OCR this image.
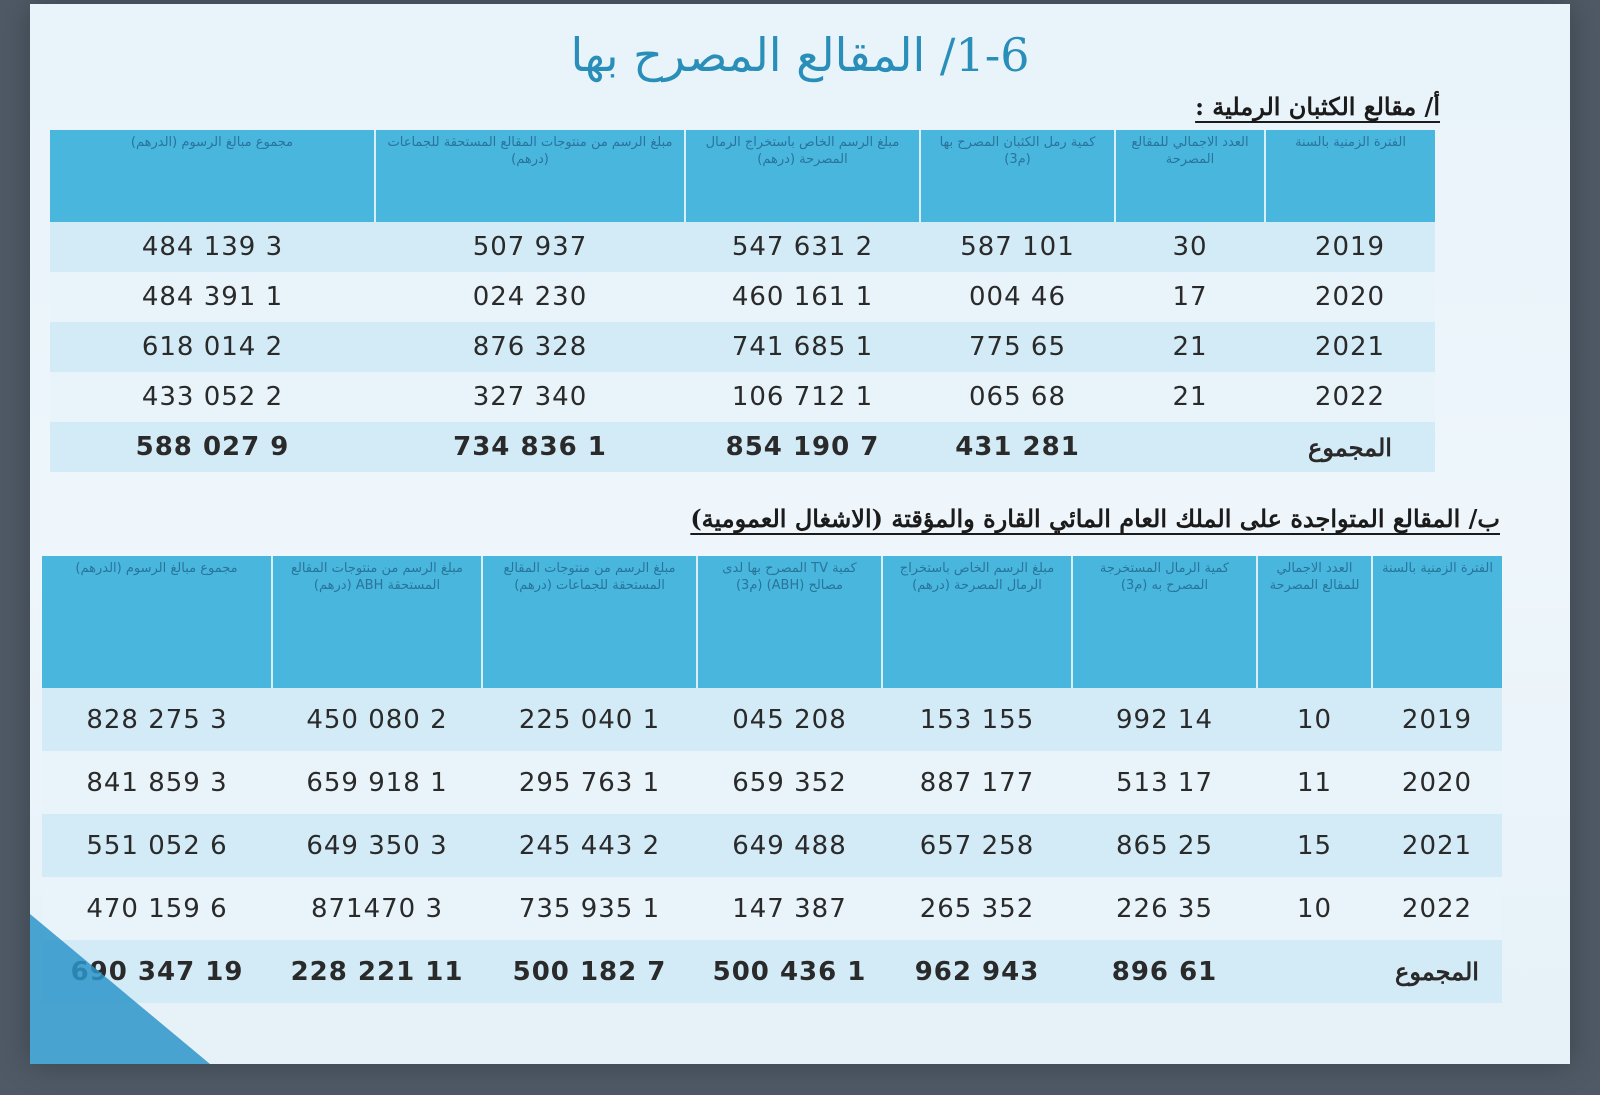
1-6/ المقالع المصرح بها
أ/ مقالع الكثبان الرملية :
الفترة الزمنية بالسنة	العدد الاجمالي للمقالع المصرحة	كمية رمل الكثبان المصرح بها (م3)	مبلغ الرسم الخاص باستخراج الرمال المصرحة (درهم)	مبلغ الرسم من منتوجات المقالع المستحقة للجماعات (درهم)	مجموع مبالغ الرسوم (الدرهم)
2019	30	101 587	2 631 547	937 507	3 139 484
2020	17	46 004	1 161 460	230 024	1 391 484
2021	21	65 775	1 685 741	328 876	2 014 618
2022	21	68 065	1 712 106	340 327	2 052 433
المجموع		281 431	7 190 854	1 836 734	9 027 588
ب/ المقالع المتواجدة على الملك العام المائي القارة والمؤقتة (الاشغال العمومية)
الفترة الزمنية بالسنة	العدد الاجمالي للمقالع المصرحة	كمية الرمال المستخرجة المصرح به (م3)	مبلغ الرسم الخاص باستخراج الرمال المصرحة (درهم)	كمية TV المصرح بها لدى مصالح (ABH) (م3)	مبلغ الرسم من منتوجات المقالع المستحقة للجماعات (درهم)	مبلغ الرسم من منتوجات المقالع المستحقة ABH (درهم)	مجموع مبالغ الرسوم (الدرهم)
2019	10	14 992	155 153	208 045	1 040 225	2 080 450	3 275 828
2020	11	17 513	177 887	352 659	1 763 295	1 918 659	3 859 841
2021	15	25 865	258 657	488 649	2 443 245	3 350 649	6 052 551
2022	10	35 226	352 265	387 147	1 935 735	3 871470	6 159 470
المجموع		61 896	943 962	1 436 500	7 182 500	11 221 228	19 347 690
